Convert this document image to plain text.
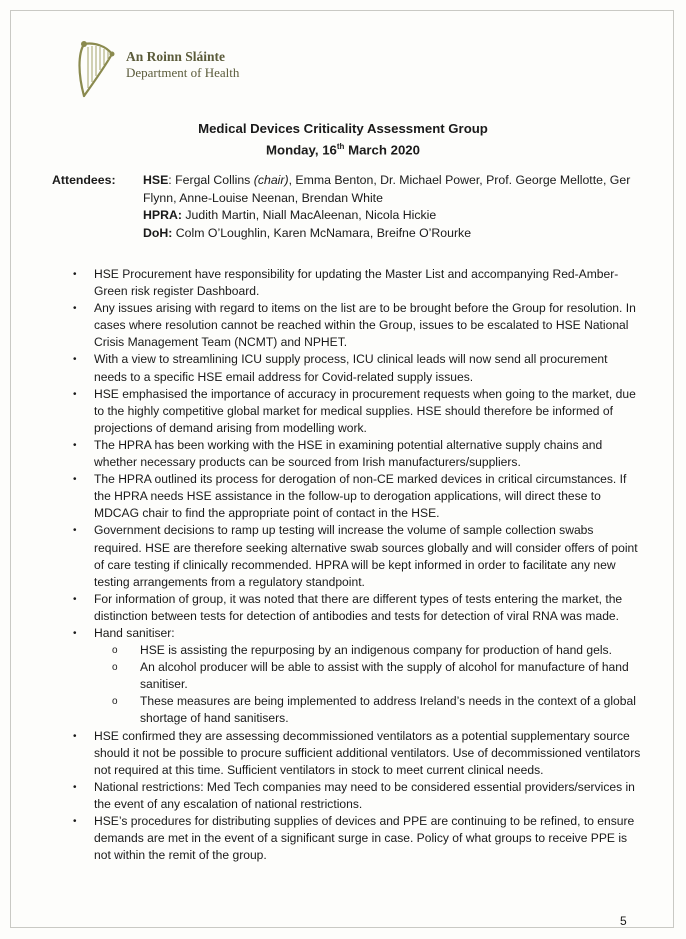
An Roinn Sláinte
Department of Health
Medical Devices Criticality Assessment Group
Monday, 16th March 2020
Attendees: HSE: Fergal Collins (chair), Emma Benton, Dr. Michael Power, Prof. George Mellotte, Ger Flynn, Anne-Louise Neenan, Brendan White
HPRA: Judith Martin, Niall MacAleenan, Nicola Hickie
DoH: Colm O’Loughlin, Karen McNamara, Breifne O’Rourke
• HSE Procurement have responsibility for updating the Master List and accompanying Red-Amber-Green risk register Dashboard.
• Any issues arising with regard to items on the list are to be brought before the Group for resolution. In cases where resolution cannot be reached within the Group, issues to be escalated to HSE National Crisis Management Team (NCMT) and NPHET.
• With a view to streamlining ICU supply process, ICU clinical leads will now send all procurement needs to a specific HSE email address for Covid-related supply issues.
• HSE emphasised the importance of accuracy in procurement requests when going to the market, due to the highly competitive global market for medical supplies. HSE should therefore be informed of projections of demand arising from modelling work.
• The HPRA has been working with the HSE in examining potential alternative supply chains and whether necessary products can be sourced from Irish manufacturers/suppliers.
• The HPRA outlined its process for derogation of non-CE marked devices in critical circumstances. If the HPRA needs HSE assistance in the follow-up to derogation applications, will direct these to MDCAG chair to find the appropriate point of contact in the HSE.
• Government decisions to ramp up testing will increase the volume of sample collection swabs required. HSE are therefore seeking alternative swab sources globally and will consider offers of point of care testing if clinically recommended. HPRA will be kept informed in order to facilitate any new testing arrangements from a regulatory standpoint.
• For information of group, it was noted that there are different types of tests entering the market, the distinction between tests for detection of antibodies and tests for detection of viral RNA was made.
• Hand sanitiser:
o HSE is assisting the repurposing by an indigenous company for production of hand gels.
o An alcohol producer will be able to assist with the supply of alcohol for manufacture of hand sanitiser.
o These measures are being implemented to address Ireland’s needs in the context of a global shortage of hand sanitisers.
• HSE confirmed they are assessing decommissioned ventilators as a potential supplementary source should it not be possible to procure sufficient additional ventilators. Use of decommissioned ventilators not required at this time. Sufficient ventilators in stock to meet current clinical needs.
• National restrictions: Med Tech companies may need to be considered essential providers/services in the event of any escalation of national restrictions.
• HSE’s procedures for distributing supplies of devices and PPE are continuing to be refined, to ensure demands are met in the event of a significant surge in case. Policy of what groups to receive PPE is not within the remit of the group.
5
